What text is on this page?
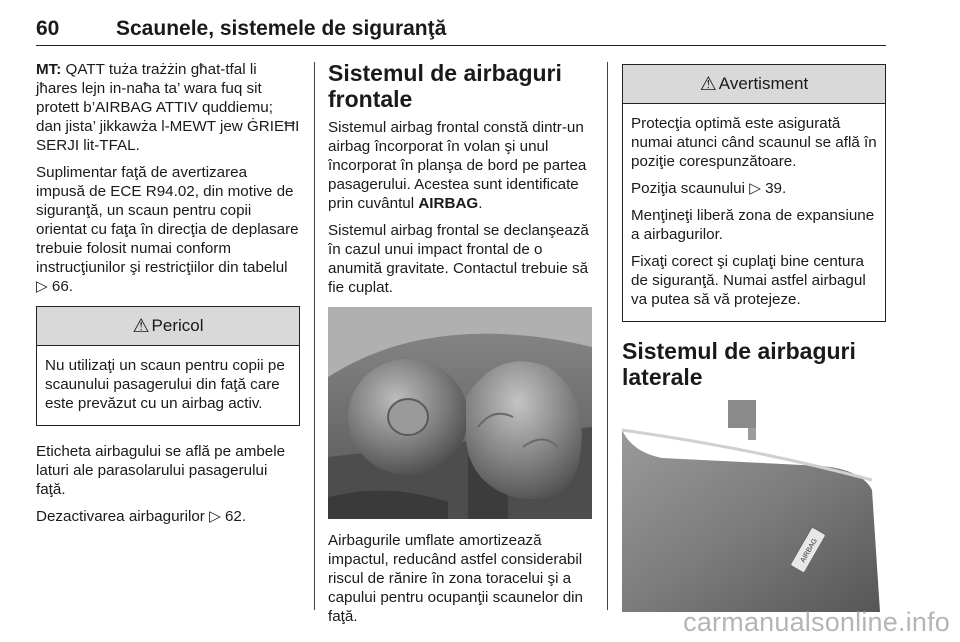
60	Scaunele, sistemele de siguranţă

MT: QATT tuża trażżin għat-tfal li jħares lejn in-naħa ta’ wara fuq sit protett b’AIRBAG ATTIV quddiemu; dan jista’ jikkawża l-MEWT jew ĠRIEĦI SERJI lit-TFAL.

Suplimentar faţă de avertizarea impusă de ECE R94.02, din motive de siguranţă, un scaun pentru copii orientat cu faţa în direcţia de deplasare trebuie folosit numai conform instrucţiunilor şi restricţiilor din tabelul ▷ 66.

⚠ Pericol

Nu utilizaţi un scaun pentru copii pe scaunului pasagerului din faţă care este prevăzut cu un airbag activ.

Eticheta airbagului se află pe ambele laturi ale parasolarului pasagerului faţă.

Dezactivarea airbagurilor ▷ 62.

Sistemul de airbaguri frontale

Sistemul airbag frontal constă dintr-un airbag încorporat în volan şi unul încorporat în planşa de bord pe partea pasagerului. Acestea sunt identificate prin cuvântul AIRBAG.

Sistemul airbag frontal se declanşează în cazul unui impact frontal de o anumită gravitate. Contactul trebuie să fie cuplat.

Airbagurile umflate amortizează impactul, reducând astfel considerabil riscul de rănire în zona toracelui şi a capului pentru ocupanţii scaunelor din faţă.

⚠ Avertisment

Protecţia optimă este asigurată numai atunci când scaunul se află în poziţie corespunzătoare.

Poziţia scaunului ▷ 39.

Menţineţi liberă zona de expansiune a airbagurilor.

Fixaţi corect şi cuplaţi bine centura de siguranţă. Numai astfel airbagul va putea să vă protejeze.

Sistemul de airbaguri laterale
AIRBAG
carmanualsonline.info
